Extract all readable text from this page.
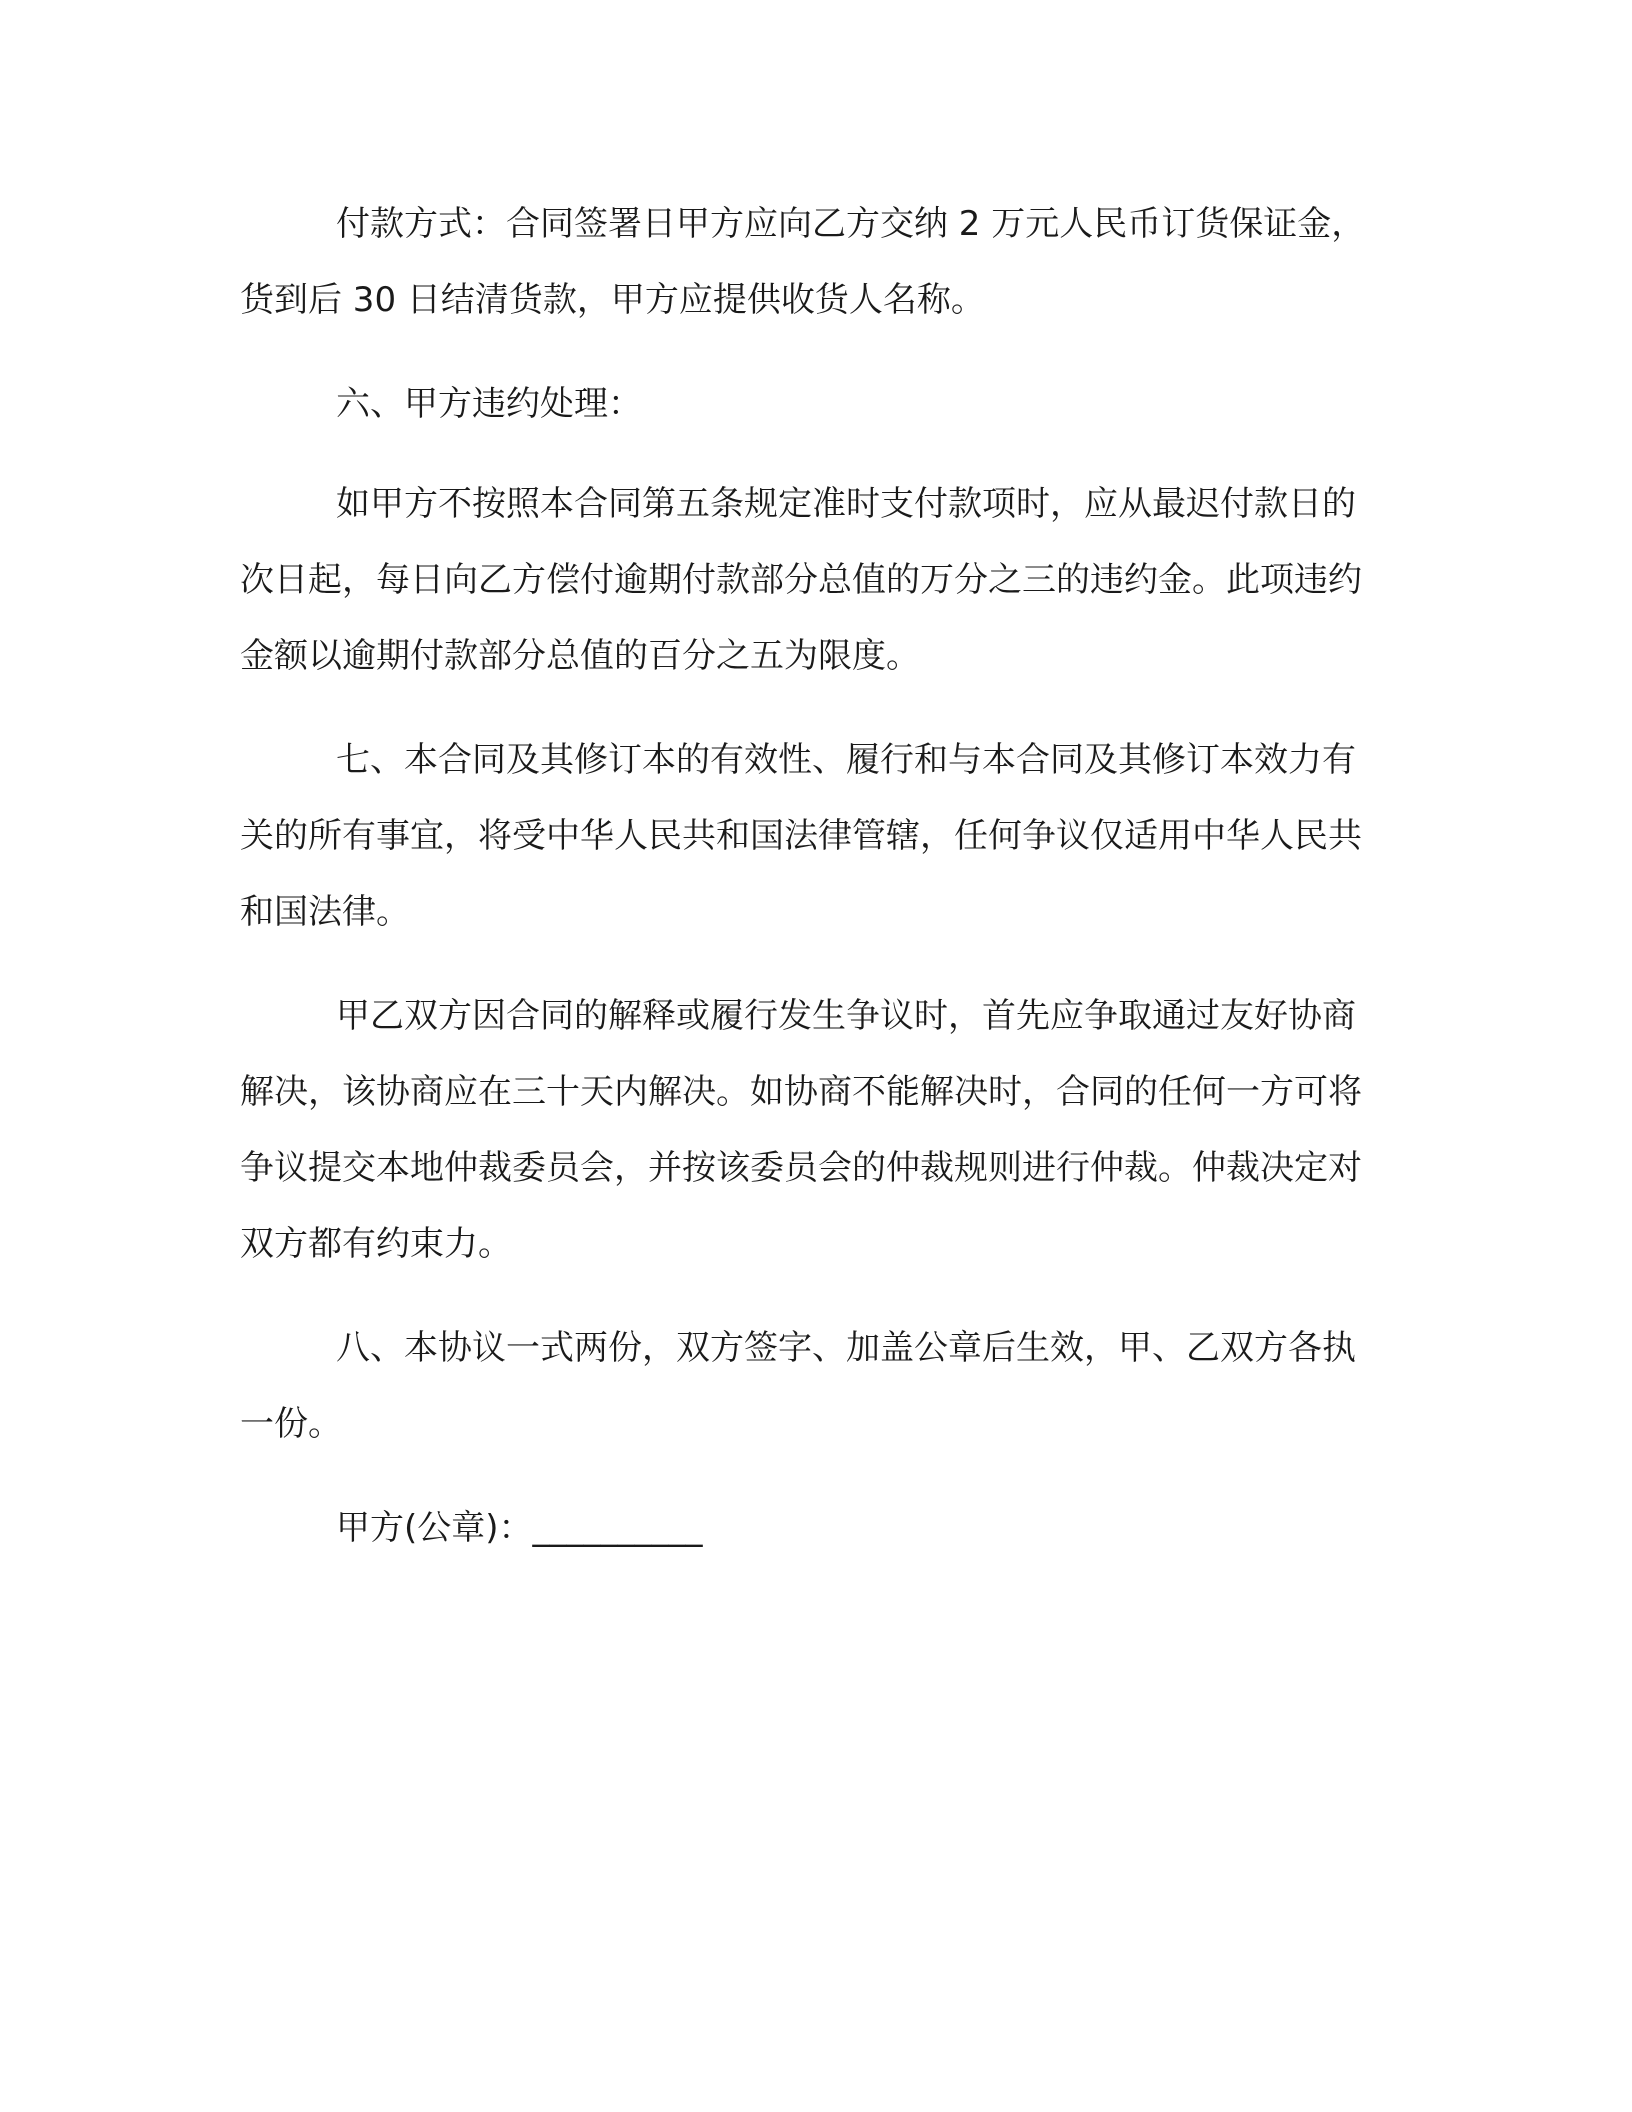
付款方式：合同签署日甲方应向乙方交纳 2 万元人民币订货保证金，货到后 30 日结清货款，甲方应提供收货人名称。

六、甲方违约处理：

如甲方不按照本合同第五条规定准时支付款项时，应从最迟付款日的次日起，每日向乙方偿付逾期付款部分总值的万分之三的违约金。此项违约金额以逾期付款部分总值的百分之五为限度。

七、本合同及其修订本的有效性、履行和与本合同及其修订本效力有关的所有事宜，将受中华人民共和国法律管辖，任何争议仅适用中华人民共和国法律。

甲乙双方因合同的解释或履行发生争议时，首先应争取通过友好协商解决，该协商应在三十天内解决。如协商不能解决时，合同的任何一方可将争议提交本地仲裁委员会，并按该委员会的仲裁规则进行仲裁。仲裁决定对双方都有约束力。

八、本协议一式两份，双方签字、加盖公章后生效，甲、乙双方各执一份。

甲方(公章)：__________
